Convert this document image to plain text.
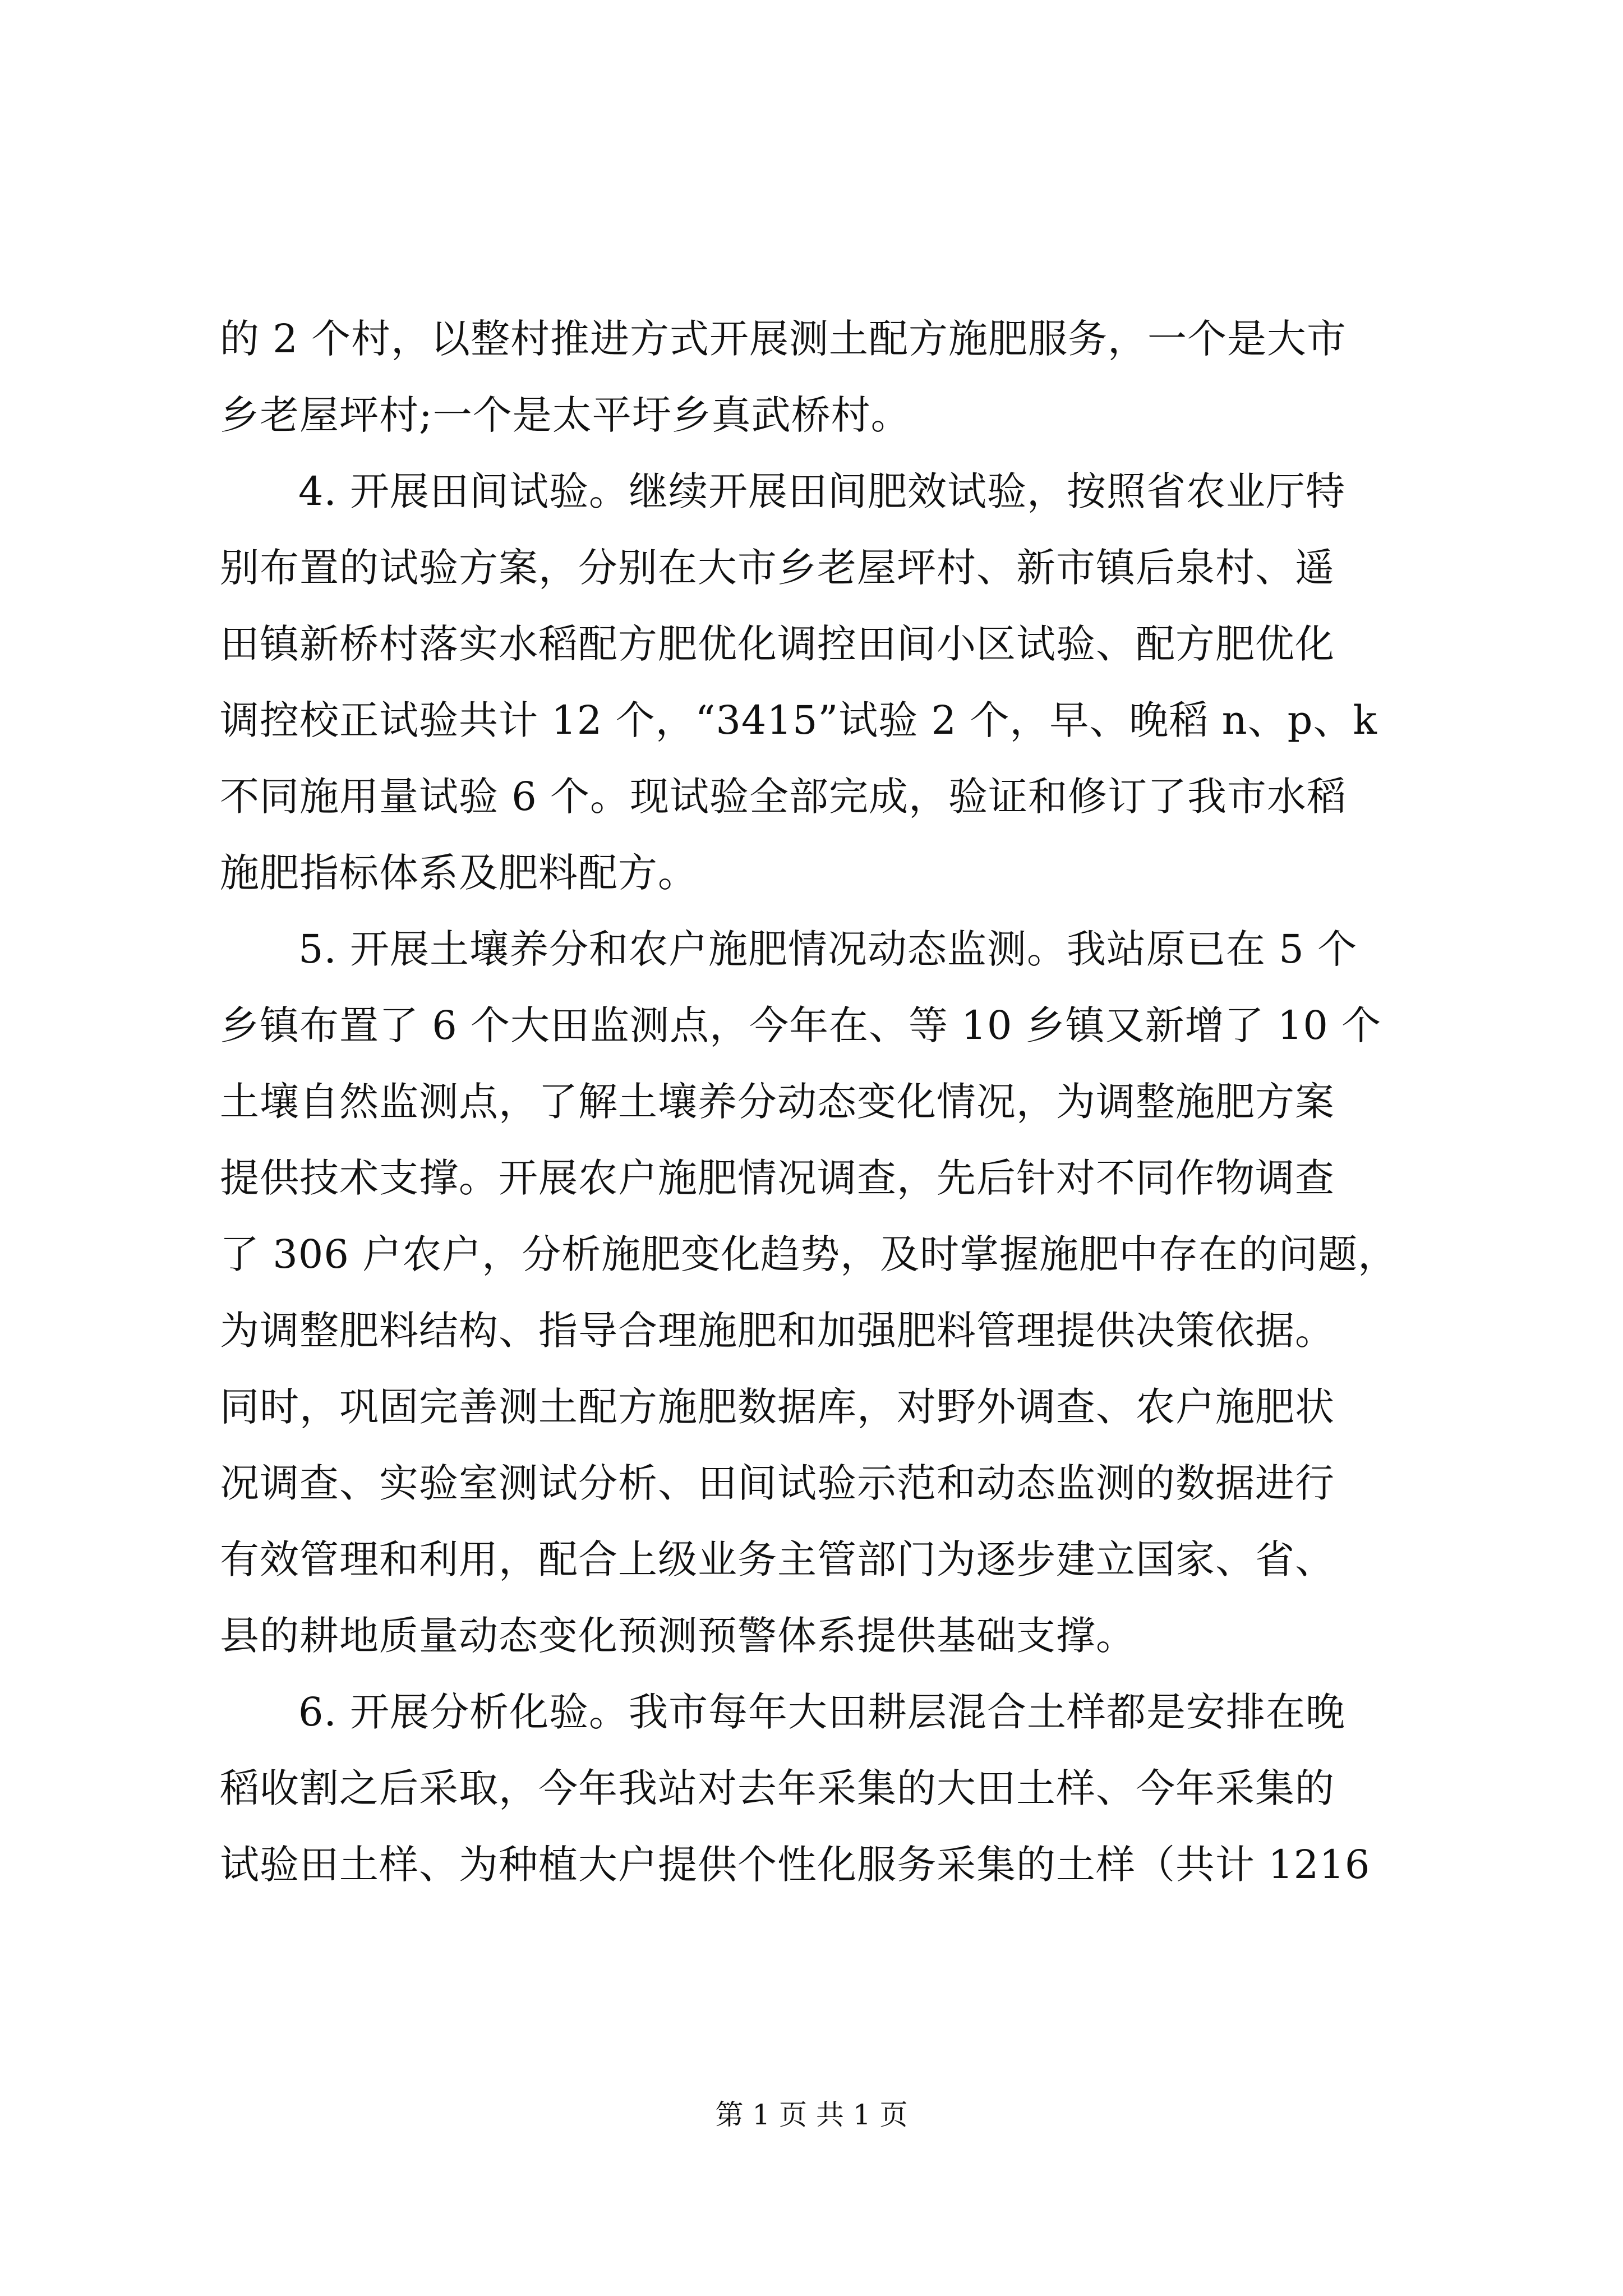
的 2 个村，以整村推进方式开展测土配方施肥服务，一个是大市
乡老屋坪村;一个是太平圩乡真武桥村。
4. 开展田间试验。继续开展田间肥效试验，按照省农业厅特
别布置的试验方案，分别在大市乡老屋坪村、新市镇后泉村、遥
田镇新桥村落实水稻配方肥优化调控田间小区试验、配方肥优化
调控校正试验共计 12 个，“3415”试验 2 个，早、晚稻 n、p、k
不同施用量试验 6 个。现试验全部完成，验证和修订了我市水稻
施肥指标体系及肥料配方。
5. 开展土壤养分和农户施肥情况动态监测。我站原已在 5 个
乡镇布置了 6 个大田监测点，今年在、等 10 乡镇又新增了 10 个
土壤自然监测点，了解土壤养分动态变化情况，为调整施肥方案
提供技术支撑。开展农户施肥情况调查，先后针对不同作物调查
了 306 户农户，分析施肥变化趋势，及时掌握施肥中存在的问题，
为调整肥料结构、指导合理施肥和加强肥料管理提供决策依据。
同时，巩固完善测土配方施肥数据库，对野外调查、农户施肥状
况调查、实验室测试分析、田间试验示范和动态监测的数据进行
有效管理和利用，配合上级业务主管部门为逐步建立国家、省、
县的耕地质量动态变化预测预警体系提供基础支撑。
6. 开展分析化验。我市每年大田耕层混合土样都是安排在晚
稻收割之后采取，今年我站对去年采集的大田土样、今年采集的
试验田土样、为种植大户提供个性化服务采集的土样（共计 1216
第 1 页 共 1 页
